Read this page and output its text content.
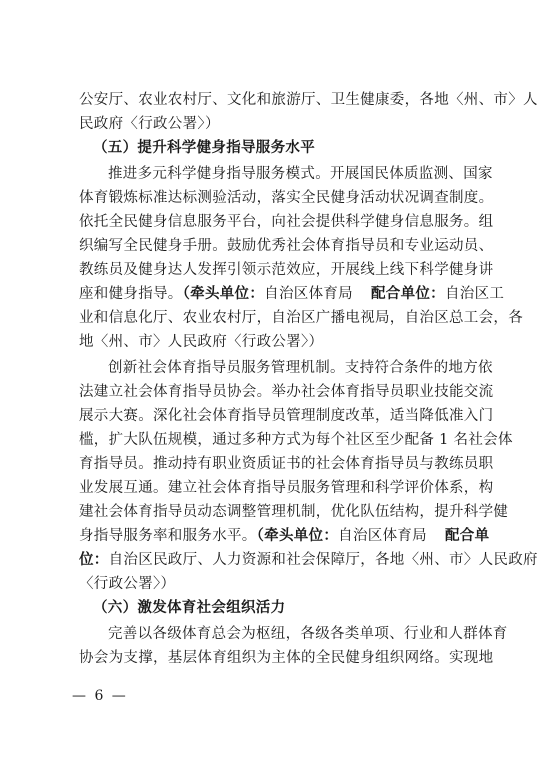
公安厅、农业农村厅、文化和旅游厅、卫生健康委，各地〈州、市〉人
民政府〈行政公署〉）
（五）提升科学健身指导服务水平
推进多元科学健身指导服务模式。开展国民体质监测、国家
体育锻炼标准达标测验活动，落实全民健身活动状况调查制度。
依托全民健身信息服务平台，向社会提供科学健身信息服务。组
织编写全民健身手册。鼓励优秀社会体育指导员和专业运动员、
教练员及健身达人发挥引领示范效应，开展线上线下科学健身讲
座和健身指导。（牵头单位：自治区体育局 配合单位：自治区工
业和信息化厅、农业农村厅，自治区广播电视局，自治区总工会，各
地〈州、市〉人民政府〈行政公署〉）
创新社会体育指导员服务管理机制。支持符合条件的地方依
法建立社会体育指导员协会。举办社会体育指导员职业技能交流
展示大赛。深化社会体育指导员管理制度改革，适当降低准入门
槛，扩大队伍规模，通过多种方式为每个社区至少配备 1 名社会体
育指导员。推动持有职业资质证书的社会体育指导员与教练员职
业发展互通。建立社会体育指导员服务管理和科学评价体系，构
建社会体育指导员动态调整管理机制，优化队伍结构，提升科学健
身指导服务率和服务水平。（牵头单位：自治区体育局 配合单
位：自治区民政厅、人力资源和社会保障厅，各地〈州、市〉人民政府
〈行政公署〉）
（六）激发体育社会组织活力
完善以各级体育总会为枢纽，各级各类单项、行业和人群体育
协会为支撑，基层体育组织为主体的全民健身组织网络。实现地
— 6 —
